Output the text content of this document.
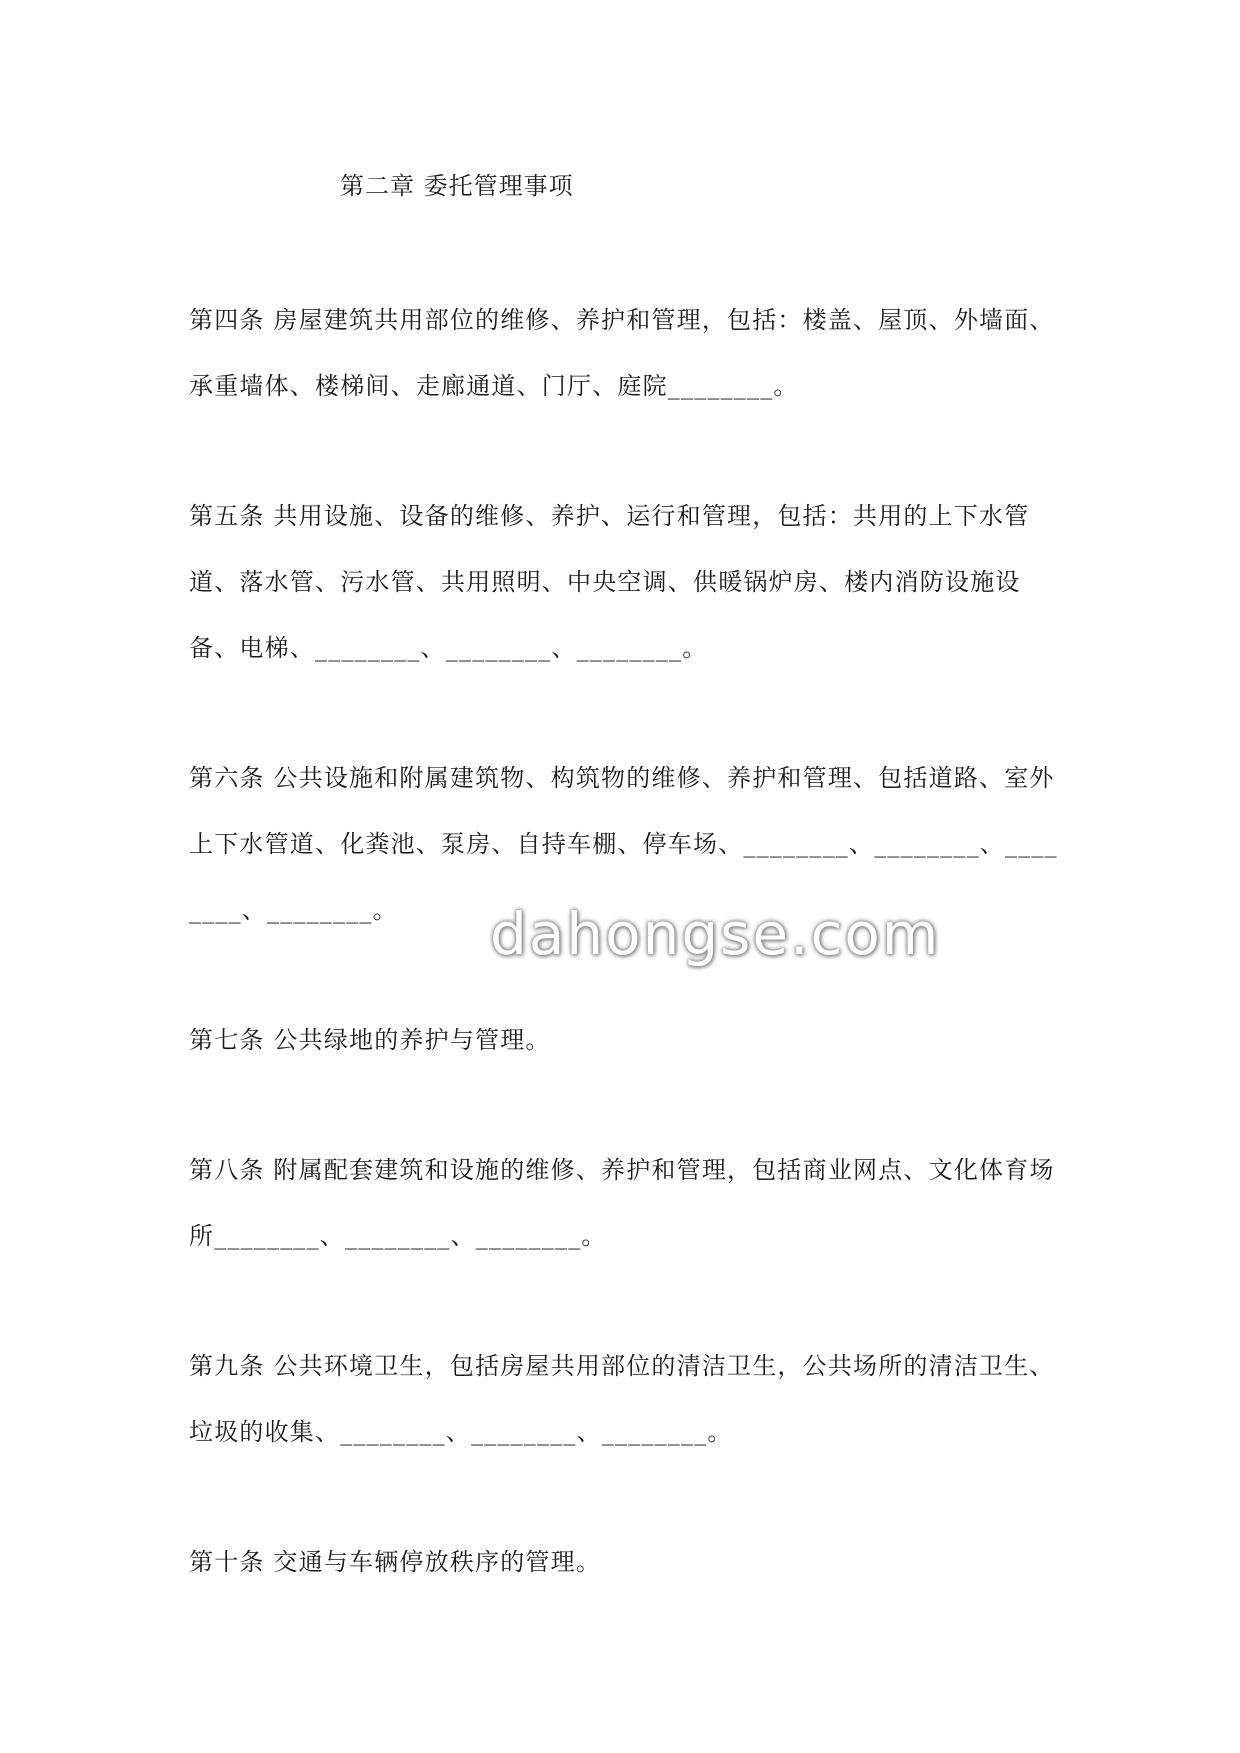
第二章 委托管理事项
第四条 房屋建筑共用部位的维修、养护和管理，包括：楼盖、屋顶、外墙面、
承重墙体、楼梯间、走廊通道、门厅、庭院________。
第五条 共用设施、设备的维修、养护、运行和管理，包括：共用的上下水管
道、落水管、污水管、共用照明、中央空调、供暖锅炉房、楼内消防设施设
备、电梯、________、________、________。
第六条 公共设施和附属建筑物、构筑物的维修、养护和管理、包括道路、室外
上下水管道、化粪池、泵房、自持车棚、停车场、________、________、____
____、________。
第七条 公共绿地的养护与管理。
第八条 附属配套建筑和设施的维修、养护和管理，包括商业网点、文化体育场
所________、________、________。
第九条 公共环境卫生，包括房屋共用部位的清洁卫生，公共场所的清洁卫生、
垃圾的收集、________、________、________。
第十条 交通与车辆停放秩序的管理。
dahongse.com
